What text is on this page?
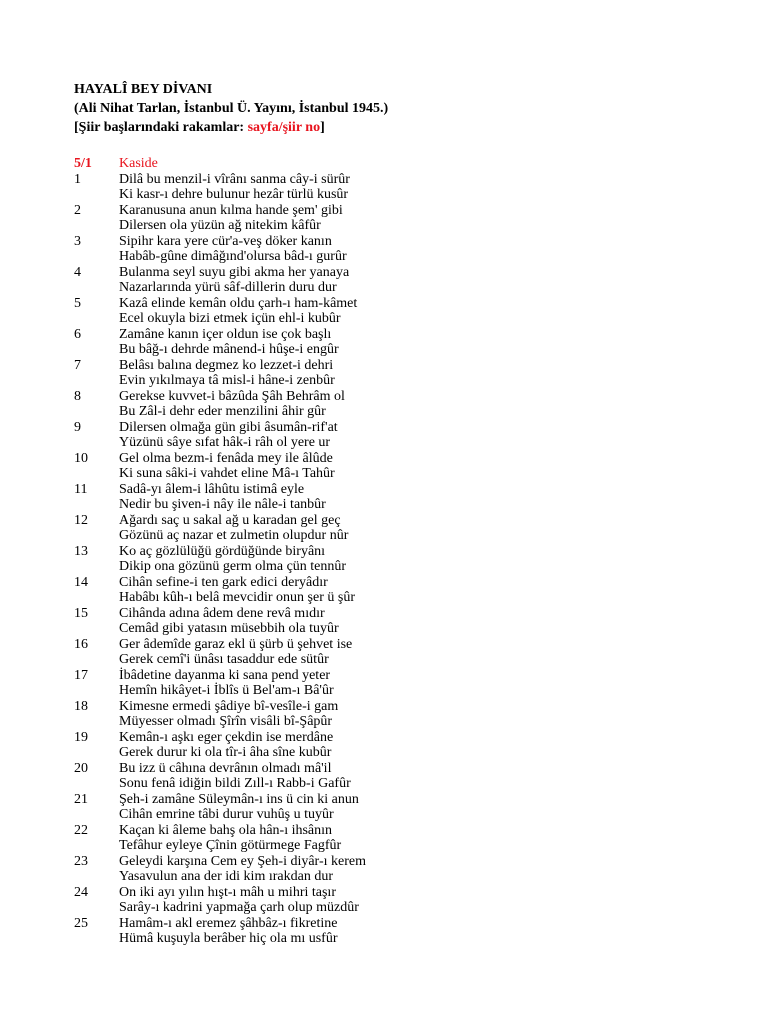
HAYALÎ BEY DİVANI

(Ali Nihat Tarlan, İstanbul Ü. Yayını, İstanbul 1945.)

[Şiir başlarındaki rakamlar: sayfa/şiir no]

5/1	Kaside
1	Dilâ bu menzil-i vîrânı sanma cây-i sürûr
Ki kasr-ı dehre bulunur hezâr türlü kusûr
2	Karanusuna anun kılma hande şem' gibi
Dilersen ola yüzün ağ nitekim kâfûr
3	Sipihr kara yere cür'a-veş döker kanın
Habâb-gûne dimâğınd'olursa bâd-ı gurûr
4	Bulanma seyl suyu gibi akma her yanaya
Nazarlarında yürü sâf-dillerin duru dur
5	Kazâ elinde kemân oldu çarh-ı ham-kâmet
Ecel okuyla bizi etmek içün ehl-i kubûr
6	Zamâne kanın içer oldun ise çok başlı
Bu bâğ-ı dehrde mânend-i hûşe-i engûr
7	Belâsı balına degmez ko lezzet-i dehri
Evin yıkılmaya tâ misl-i hâne-i zenbûr
8	Gerekse kuvvet-i bâzûda Şâh Behrâm ol
Bu Zâl-i dehr eder menzilini âhir gûr
9	Dilersen olmağa gün gibi âsumân-rif'at
Yüzünü sâye sıfat hâk-i râh ol yere ur
10	Gel olma bezm-i fenâda mey ile âlûde
Ki suna sâki-i vahdet eline Mâ-ı Tahûr
11	Sadâ-yı âlem-i lâhûtu istimâ eyle
Nedir bu şiven-i nây ile nâle-i tanbûr
12	Ağardı saç u sakal ağ u karadan gel geç
Gözünü aç nazar et zulmetin olupdur nûr
13	Ko aç gözlülüğü gördüğünde biryânı
Dikip ona gözünü germ olma çün tennûr
14	Cihân sefine-i ten gark edici deryâdır
Habâbı kûh-ı belâ mevcidir onun şer ü şûr
15	Cihânda adına âdem dene revâ mıdır
Cemâd gibi yatasın müsebbih ola tuyûr
16	Ger âdemîde garaz ekl ü şürb ü şehvet ise
Gerek cemî'i ünâsı tasaddur ede sütûr
17	İbâdetine dayanma ki sana pend yeter
Hemîn hikâyet-i İblîs ü Bel'am-ı Bâ'ûr
18	Kimesne ermedi şâdiye bî-vesîle-i gam
Müyesser olmadı Şîrîn visâli bî-Şâpûr
19	Kemân-ı aşkı eger çekdin ise merdâne
Gerek durur ki ola tîr-i âha sîne kubûr
20	Bu izz ü câhına devrânın olmadı mâ'il
Sonu fenâ idiğin bildi Zıll-ı Rabb-i Gafûr
21	Şeh-i zamâne Süleymân-ı ins ü cin ki anun
Cihân emrine tâbi durur vuhûş u tuyûr
22	Kaçan ki âleme bahş ola hân-ı ihsânın
Tefâhur eyleye Çînin götürmege Fagfûr
23	Geleydi karşına Cem ey Şeh-i diyâr-ı kerem
Yasavulun ana der idi kim ırakdan dur
24	On iki ayı yılın hışt-ı mâh u mihri taşır
Sarây-ı kadrini yapmağa çarh olup müzdûr
25	Hamâm-ı akl eremez şâhbâz-ı fikretine
Hümâ kuşuyla berâber hiç ola mı usfûr
